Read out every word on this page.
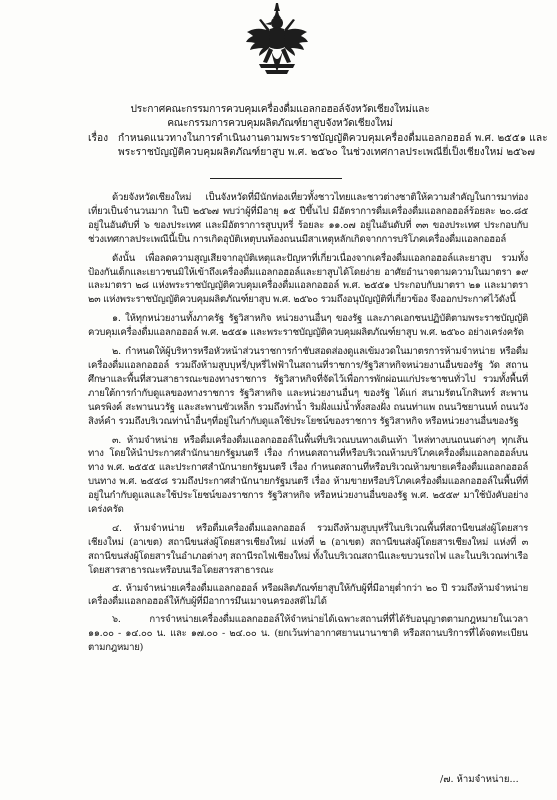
ประกาศคณะกรรมการควบคุมเครื่องดื่มแอลกอฮอล์จังหวัดเชียงใหม่และ
คณะกรรมการควบคุมผลิตภัณฑ์ยาสูบจังหวัดเชียงใหม่
เรื่อง กำหนดแนวทางในการดำเนินงานตามพระราชบัญญัติควบคุมเครื่องดื่มแอลกอฮอล์ พ.ศ. ๒๕๕๑ และ
พระราชบัญญัติควบคุมผลิตภัณฑ์ยาสูบ พ.ศ. ๒๕๖๐ ในช่วงเทศกาลประเพณียี่เป็งเชียงใหม่ ๒๕๖๗

ด้วยจังหวัดเชียงใหม่ เป็นจังหวัดที่มีนักท่องเที่ยวทั้งชาวไทยและชาวต่างชาติให้ความสำคัญในการมาท่องเที่ยวเป็นจำนวนมาก ในปี ๒๕๖๗ พบว่าผู้ที่มีอายุ ๑๕ ปีขึ้นไป มีอัตราการดื่มเครื่องดื่มแอลกอฮอล์ร้อยละ ๒๐.๘๕ อยู่ในอันดับที่ ๖ ของประเทศ และมีอัตราการสูบบุหรี่ ร้อยละ ๑๑.๐๗ อยู่ในอันดับที่ ๓๓ ของประเทศ ประกอบกับช่วงเทศกาลประเพณีนี้เป็น การเกิดอุบัติเหตุบนท้องถนนมีสาเหตุหลักเกิดจากการบริโภคเครื่องดื่มแอลกอฮอล์

ดังนั้น เพื่อลดความสูญเสียจากอุบัติเหตุและปัญหาที่เกี่ยวเนื่องจากเครื่องดื่มแอลกอฮอล์และยาสูบ รวมทั้งป้องกันเด็กและเยาวชนมิให้เข้าถึงเครื่องดื่มแอลกอฮอล์และยาสูบได้โดยง่าย อาศัยอำนาจตามความในมาตรา ๑๙ และมาตรา ๒๘ แห่งพระราชบัญญัติควบคุมเครื่องดื่มแอลกอฮอล์ พ.ศ. ๒๕๕๑ ประกอบกับมาตรา ๒๑ และมาตรา ๒๓ แห่งพระราชบัญญัติควบคุมผลิตภัณฑ์ยาสูบ พ.ศ. ๒๕๖๐ รวมถึงอนุบัญญัติที่เกี่ยวข้อง จึงออกประกาศไว้ดังนี้

๑. ให้ทุกหน่วยงานทั้งภาครัฐ รัฐวิสาหกิจ หน่วยงานอื่นๆ ของรัฐ และภาคเอกชนปฏิบัติตามพระราชบัญญัติควบคุมเครื่องดื่มแอลกอฮอล์ พ.ศ. ๒๕๕๑ และพระราชบัญญัติควบคุมผลิตภัณฑ์ยาสูบ พ.ศ. ๒๕๖๐ อย่างเคร่งครัด

๒. กำหนดให้ผู้บริหารหรือหัวหน้าส่วนราชการกำชับสอดส่องดูแลเข้มงวดในมาตรการห้ามจำหน่าย หรือดื่มเครื่องดื่มแอลกอฮอล์ รวมถึงห้ามสูบบุหรี่/บุหรี่ไฟฟ้าในสถานที่ราชการ/รัฐวิสาหกิจหน่วยงานอื่นของรัฐ วัด สถานศึกษาและพื้นที่สวนสาธารณะของทางราชการ รัฐวิสาหกิจที่จัดไว้เพื่อการพักผ่อนแก่ประชาชนทั่วไป รวมทั้งพื้นที่ภายใต้การกำกับดูแลของทางราชการ รัฐวิสาหกิจ และหน่วยงานอื่นๆ ของรัฐ ได้แก่ สนามรัตนโกสินทร์ สะพานนครพิงค์ สะพานนวรัฐ และสะพานขัวเหล็ก รวมถึงท่าน้ำ ริมฝั่งแม่น้ำทั้งสองฝั่ง ถนนท่าแพ ถนนวิชยานนท์ ถนนวังสิงห์คำ รวมถึงบริเวณท่าน้ำอื่นๆที่อยู่ในกำกับดูแลใช้ประโยชน์ของราชการ รัฐวิสาหกิจ หรือหน่วยงานอื่นของรัฐ

๓. ห้ามจำหน่าย หรือดื่มเครื่องดื่มแอลกอฮอล์ในพื้นที่บริเวณบนทางเดินเท้า ไหล่ทางบนถนนต่างๆ ทุกเส้นทาง โดยให้นำประกาศสำนักนายกรัฐมนตรี เรื่อง กำหนดสถานที่หรือบริเวณห้ามบริโภคเครื่องดื่มแอลกอฮอล์บนทาง พ.ศ. ๒๕๕๕ และประกาศสำนักนายกรัฐมนตรี เรื่อง กำหนดสถานที่หรือบริเวณห้ามขายเครื่องดื่มแอลกอฮอล์บนทาง พ.ศ. ๒๕๕๘ รวมถึงประกาศสำนักนายกรัฐมนตรี เรื่อง ห้ามขายหรือบริโภคเครื่องดื่มแอลกอฮอล์ในพื้นที่ที่อยู่ในกำกับดูแลและใช้ประโยชน์ของราชการ รัฐวิสาหกิจ หรือหน่วยงานอื่นของรัฐ พ.ศ. ๒๕๕๙ มาใช้บังคับอย่างเคร่งครัด

๔. ห้ามจำหน่าย หรือดื่มเครื่องดื่มแอลกอฮอล์ รวมถึงห้ามสูบบุหรี่ในบริเวณพื้นที่สถานีขนส่งผู้โดยสารเชียงใหม่ (อาเขต) สถานีขนส่งผู้โดยสารเชียงใหม่ แห่งที่ ๒ (อาเขต) สถานีขนส่งผู้โดยสารเชียงใหม่ แห่งที่ ๓ สถานีขนส่งผู้โดยสารในอำเภอต่างๆ สถานีรถไฟเชียงใหม่ ทั้งในบริเวณสถานีและขบวนรถไฟ และในบริเวณท่าเรือโดยสารสาธารณะหรือบนเรือโดยสารสาธารณะ

๕. ห้ามจำหน่ายเครื่องดื่มแอลกอฮอล์ หรือผลิตภัณฑ์ยาสูบให้กับผู้ที่มีอายุต่ำกว่า ๒๐ ปี รวมถึงห้ามจำหน่ายเครื่องดื่มแอลกอฮอล์ให้กับผู้ที่มีอาการมึนเมาจนครองสติไม่ได้

๖. การจำหน่ายเครื่องดื่มแอลกอฮอล์ให้จำหน่ายได้เฉพาะสถานที่ที่ได้รับอนุญาตตามกฎหมายในเวลา ๑๑.๐๐ - ๑๔.๐๐ น. และ ๑๗.๐๐ - ๒๔.๐๐ น. (ยกเว้นท่าอากาศยานนานาชาติ หรือสถานบริการที่ได้จดทะเบียนตามกฎหมาย)

/๗. ห้ามจำหน่าย...
